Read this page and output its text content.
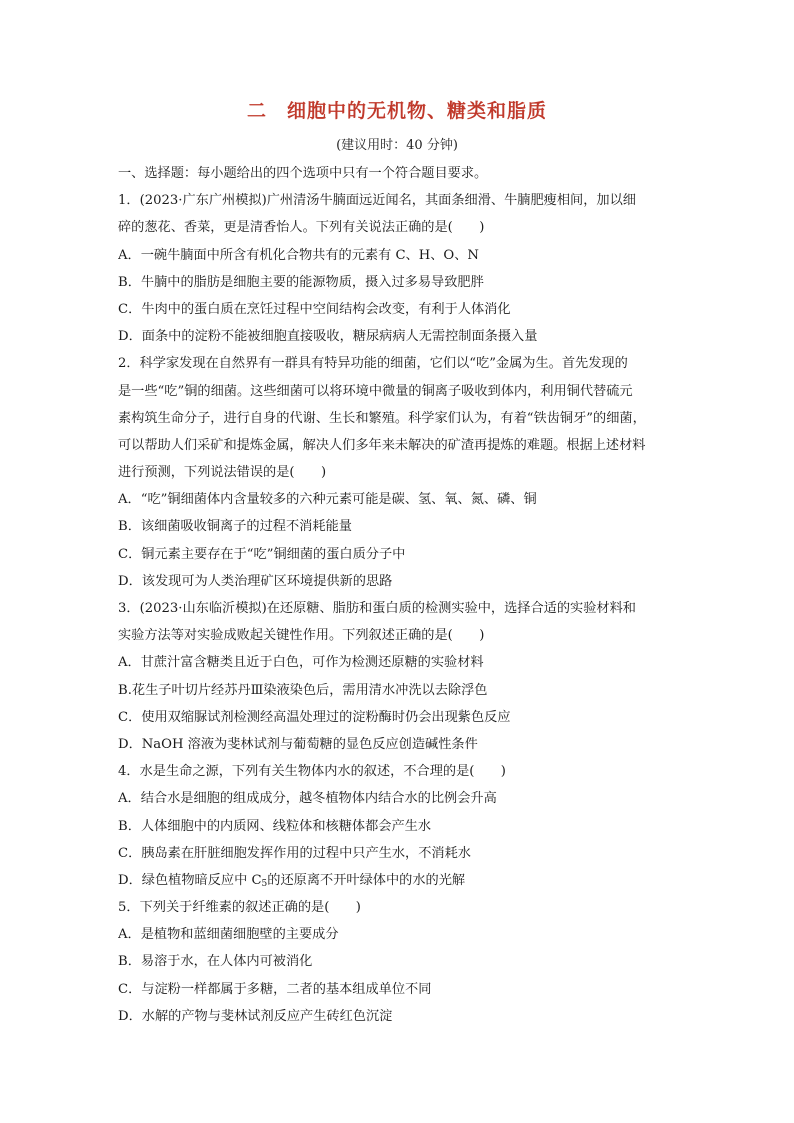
二　细胞中的无机物、糖类和脂质
(建议用时：40 分钟)
一、选择题：每小题给出的四个选项中只有一个符合题目要求。
1．(2023·广东广州模拟)广州清汤牛腩面远近闻名，其面条细滑、牛腩肥瘦相间，加以细
碎的葱花、香菜，更是清香怡人。下列有关说法正确的是(　　)
A．一碗牛腩面中所含有机化合物共有的元素有 C、H、O、N
B．牛腩中的脂肪是细胞主要的能源物质，摄入过多易导致肥胖
C．牛肉中的蛋白质在烹饪过程中空间结构会改变，有利于人体消化
D．面条中的淀粉不能被细胞直接吸收，糖尿病病人无需控制面条摄入量
2．科学家发现在自然界有一群具有特异功能的细菌，它们以“吃”金属为生。首先发现的
是一些“吃”铜的细菌。这些细菌可以将环境中微量的铜离子吸收到体内，利用铜代替硫元
素构筑生命分子，进行自身的代谢、生长和繁殖。科学家们认为，有着“铁齿铜牙”的细菌，
可以帮助人们采矿和提炼金属，解决人们多年来未解决的矿渣再提炼的难题。根据上述材料
进行预测，下列说法错误的是(　　)
A．“吃”铜细菌体内含量较多的六种元素可能是碳、氢、氧、氮、磷、铜
B．该细菌吸收铜离子的过程不消耗能量
C．铜元素主要存在于“吃”铜细菌的蛋白质分子中
D．该发现可为人类治理矿区环境提供新的思路
3．(2023·山东临沂模拟)在还原糖、脂肪和蛋白质的检测实验中，选择合适的实验材料和
实验方法等对实验成败起关键性作用。下列叙述正确的是(　　)
A．甘蔗汁富含糖类且近于白色，可作为检测还原糖的实验材料
B.花生子叶切片经苏丹Ⅲ染液染色后，需用清水冲洗以去除浮色
C．使用双缩脲试剂检测经高温处理过的淀粉酶时仍会出现紫色反应
D．NaOH 溶液为斐林试剂与葡萄糖的显色反应创造碱性条件
4．水是生命之源，下列有关生物体内水的叙述，不合理的是(　　)
A．结合水是细胞的组成成分，越冬植物体内结合水的比例会升高
B．人体细胞中的内质网、线粒体和核糖体都会产生水
C．胰岛素在肝脏细胞发挥作用的过程中只产生水，不消耗水
D．绿色植物暗反应中 $C_5$的还原离不开叶绿体中的水的光解
5．下列关于纤维素的叙述正确的是(　　)
A．是植物和蓝细菌细胞壁的主要成分
B．易溶于水，在人体内可被消化
C．与淀粉一样都属于多糖，二者的基本组成单位不同
D．水解的产物与斐林试剂反应产生砖红色沉淀
